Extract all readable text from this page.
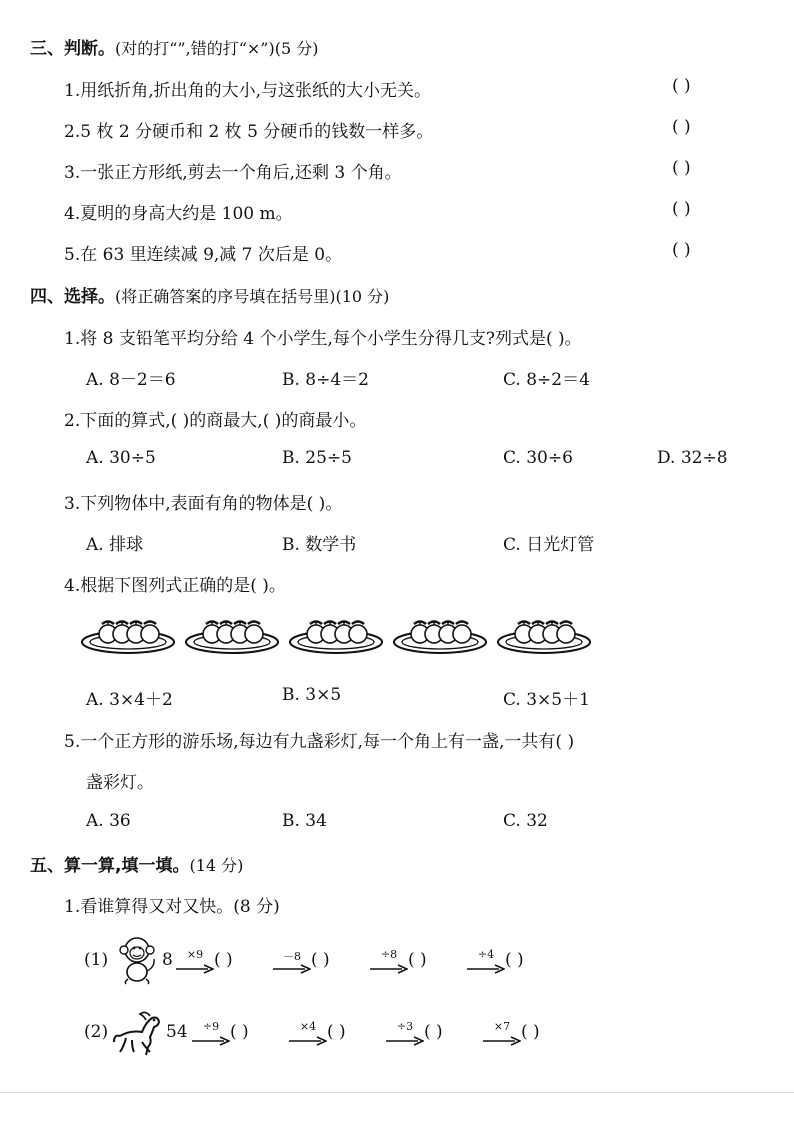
三、判断。(对的打“”,错的打“×”)(5 分)
1.用纸折角,折出角的大小,与这张纸的大小无关。	( )
2.5 枚 2 分硬币和 2 枚 5 分硬币的钱数一样多。	( )
3.一张正方形纸,剪去一个角后,还剩 3 个角。	( )
4.夏明的身高大约是 100 m。	( )
5.在 63 里连续减 9,减 7 次后是 0。	( )
四、选择。(将正确答案的序号填在括号里)(10 分)
1.将 8 支铅笔平均分给 4 个小学生,每个小学生分得几支?列式是( )。
A. 8－2＝6	B. 8÷4＝2	C. 8÷2＝4
2.下面的算式,( )的商最大,( )的商最小。
A. 30÷5	B. 25÷5	C. 30÷6	D. 32÷8
3.下列物体中,表面有角的物体是( )。
A. 排球	B. 数学书	C. 日光灯管
4.根据下图列式正确的是( )。
A. 3×4＋2	B. 3×5	C. 3×5＋1
5.一个正方形的游乐场,每边有九盏彩灯,每一个角上有一盏,一共有( )
盏彩灯。
A. 36	B. 34	C. 32
五、算一算,填一填。(14 分)
1.看谁算得又对又快。(8 分)
(1)	8	×9 ( )	－8 ( )	÷8 ( )	÷4 ( )
(2)	54	÷9 ( )	×4 ( )	÷3 ( )	×7 ( )
